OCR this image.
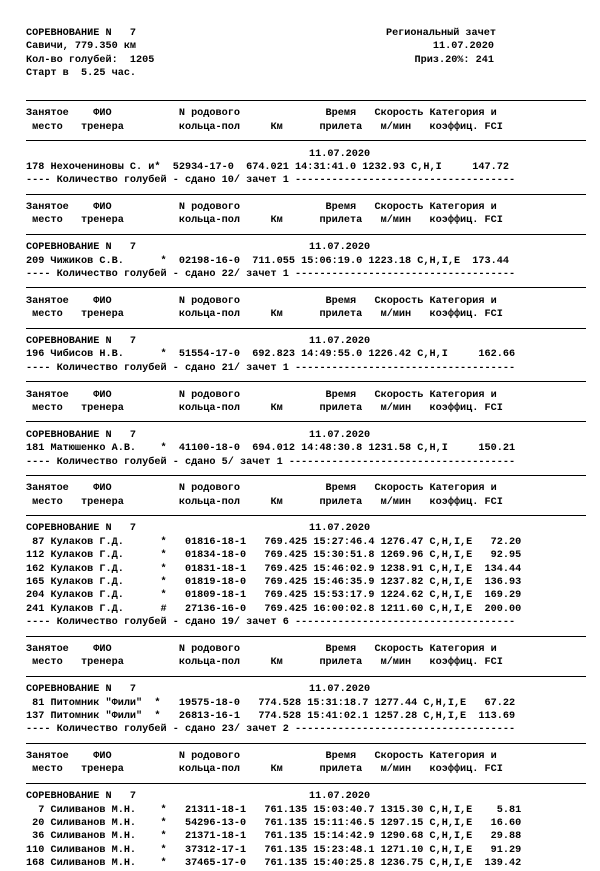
СОРЕВНОВАНИЕ N   7	Региональный зачет
Савичи, 779.350 км	11.07.2020
Кол-во голубей:  1205	Приз.20%: 241
Старт в  5.25 час.
Занятое    ФИО           N родового              Время   Скорость Категория и
место   тренера         кольца-пол     Км      прилета   м/мин   коэффиц. FCI
11.07.2020
178 Нехочениновы С. и*  52934-17-0  674.021 14:31:41.0 1232.93 С,Н,I     147.72
---- Количество голубей - сдано 10/ зачет 1 ------------------------------------
Занятое    ФИО           N родового              Время   Скорость Категория и
место   тренера         кольца-пол     Км      прилета   м/мин   коэффиц. FCI
СОРЕВНОВАНИЕ N   7	11.07.2020
209 Чижиков С.В.      *  02198-16-0  711.055 15:06:19.0 1223.18 С,Н,I,Е  173.44
---- Количество голубей - сдано 22/ зачет 1 ------------------------------------
Занятое    ФИО           N родового              Время   Скорость Категория и
место   тренера         кольца-пол     Км      прилета   м/мин   коэффиц. FCI
СОРЕВНОВАНИЕ N   7	11.07.2020
196 Чибисов Н.В.      *  51554-17-0  692.823 14:49:55.0 1226.42 С,Н,I     162.66
---- Количество голубей - сдано 21/ зачет 1 ------------------------------------
Занятое    ФИО           N родового              Время   Скорость Категория и
место   тренера         кольца-пол     Км      прилета   м/мин   коэффиц. FCI
СОРЕВНОВАНИЕ N   7	11.07.2020
181 Матюшенко А.В.    *  41100-18-0  694.012 14:48:30.8 1231.58 С,Н,I     150.21
---- Количество голубей - сдано 5/ зачет 1 -------------------------------------
Занятое    ФИО           N родового              Время   Скорость Категория и
место   тренера         кольца-пол     Км      прилета   м/мин   коэффиц. FCI
СОРЕВНОВАНИЕ N   7	11.07.2020
87 Кулаков Г.Д.      *   01816-18-1   769.425 15:27:46.4 1276.47 С,Н,I,Е   72.20
112 Кулаков Г.Д.      *   01834-18-0   769.425 15:30:51.8 1269.96 С,Н,I,Е   92.95
162 Кулаков Г.Д.      *   01831-18-1   769.425 15:46:02.9 1238.91 С,Н,I,Е  134.44
165 Кулаков Г.Д.      *   01819-18-0   769.425 15:46:35.9 1237.82 С,Н,I,Е  136.93
204 Кулаков Г.Д.      *   01809-18-1   769.425 15:53:17.9 1224.62 С,Н,I,Е  169.29
241 Кулаков Г.Д.      #   27136-16-0   769.425 16:00:02.8 1211.60 С,Н,I,Е  200.00
---- Количество голубей - сдано 19/ зачет 6 ------------------------------------
Занятое    ФИО           N родового              Время   Скорость Категория и
место   тренера         кольца-пол     Км      прилета   м/мин   коэффиц. FCI
СОРЕВНОВАНИЕ N   7	11.07.2020
81 Питомник "Фили"  *   19575-18-0   774.528 15:31:18.7 1277.44 С,Н,I,Е   67.22
137 Питомник "Фили"  *   26813-16-1   774.528 15:41:02.1 1257.28 С,Н,I,Е  113.69
---- Количество голубей - сдано 23/ зачет 2 ------------------------------------
Занятое    ФИО           N родового              Время   Скорость Категория и
место   тренера         кольца-пол     Км      прилета   м/мин   коэффиц. FCI
СОРЕВНОВАНИЕ N   7	11.07.2020
7 Силиванов М.Н.    *   21311-18-1   761.135 15:03:40.7 1315.30 С,Н,I,Е    5.81
20 Силиванов М.Н.    *   54296-13-0   761.135 15:11:46.5 1297.15 С,Н,I,Е   16.60
36 Силиванов М.Н.    *   21371-18-1   761.135 15:14:42.9 1290.68 С,Н,I,Е   29.88
110 Силиванов М.Н.    *   37312-17-1   761.135 15:23:48.1 1271.10 С,Н,I,Е   91.29
168 Силиванов М.Н.    *   37465-17-0   761.135 15:40:25.8 1236.75 С,Н,I,Е  139.42
